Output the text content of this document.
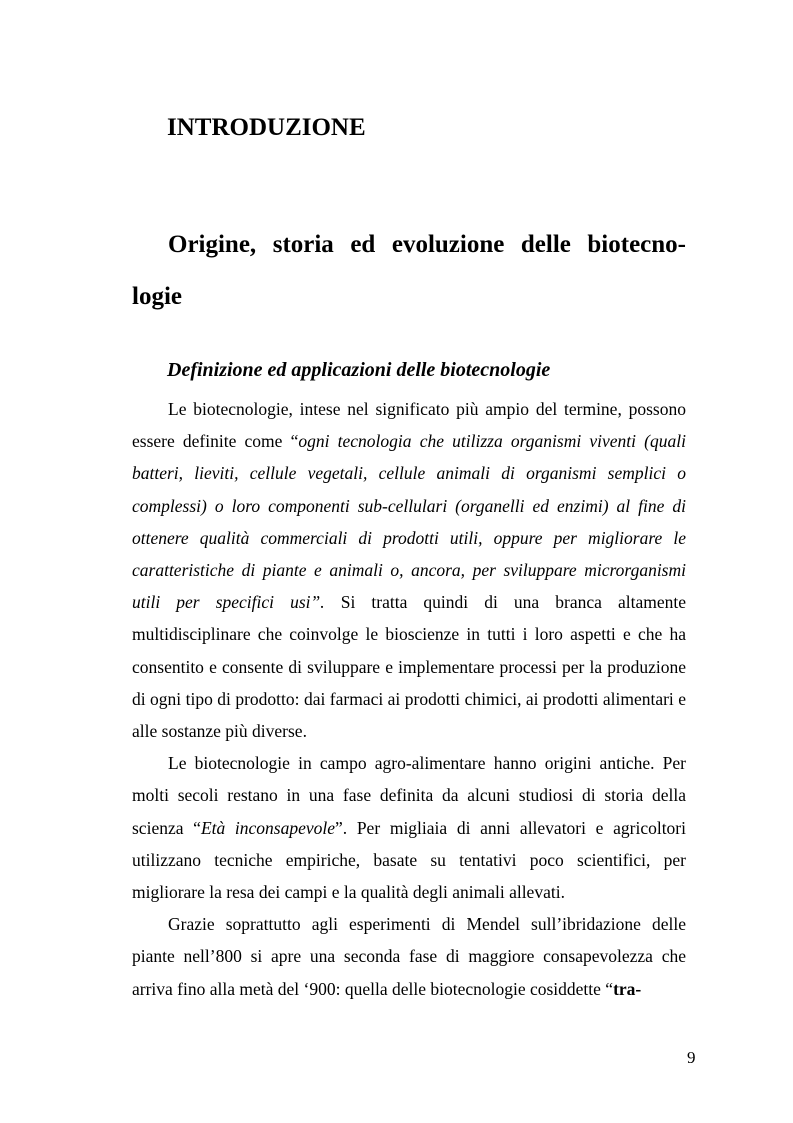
INTRODUZIONE
Origine, storia ed evoluzione delle biotecno-
logie
Definizione ed applicazioni delle biotecnologie

Le biotecnologie, intese nel significato più ampio del termine, possono essere definite come “ogni tecnologia che utilizza organismi viventi (quali batteri, lieviti, cellule vegetali, cellule animali di organismi semplici o complessi) o loro componenti sub-cellulari (organelli ed enzimi) al fine di ottenere qualità commerciali di prodotti utili, oppure per migliorare le caratteristiche di piante e animali o, ancora, per sviluppare microrganismi utili per specifici usi”. Si tratta quindi di una branca altamente multidisciplinare che coinvolge le bioscienze in tutti i loro aspetti e che ha consentito e consente di sviluppare e implementare processi per la produzione di ogni tipo di prodotto: dai farmaci ai prodotti chimici, ai prodotti alimentari e alle sostanze più diverse.

Le biotecnologie in campo agro-alimentare hanno origini antiche. Per molti secoli restano in una fase definita da alcuni studiosi di storia della scienza “Età inconsapevole”. Per migliaia di anni allevatori e agricoltori utilizzano tecniche empiriche, basate su tentativi poco scientifici, per migliorare la resa dei campi e la qualità degli animali allevati.

Grazie soprattutto agli esperimenti di Mendel sull’ibridazione delle piante nell’800 si apre una seconda fase di maggiore consapevolezza che arriva fino alla metà del ‘900: quella delle biotecnologie cosiddette “tra-

9
